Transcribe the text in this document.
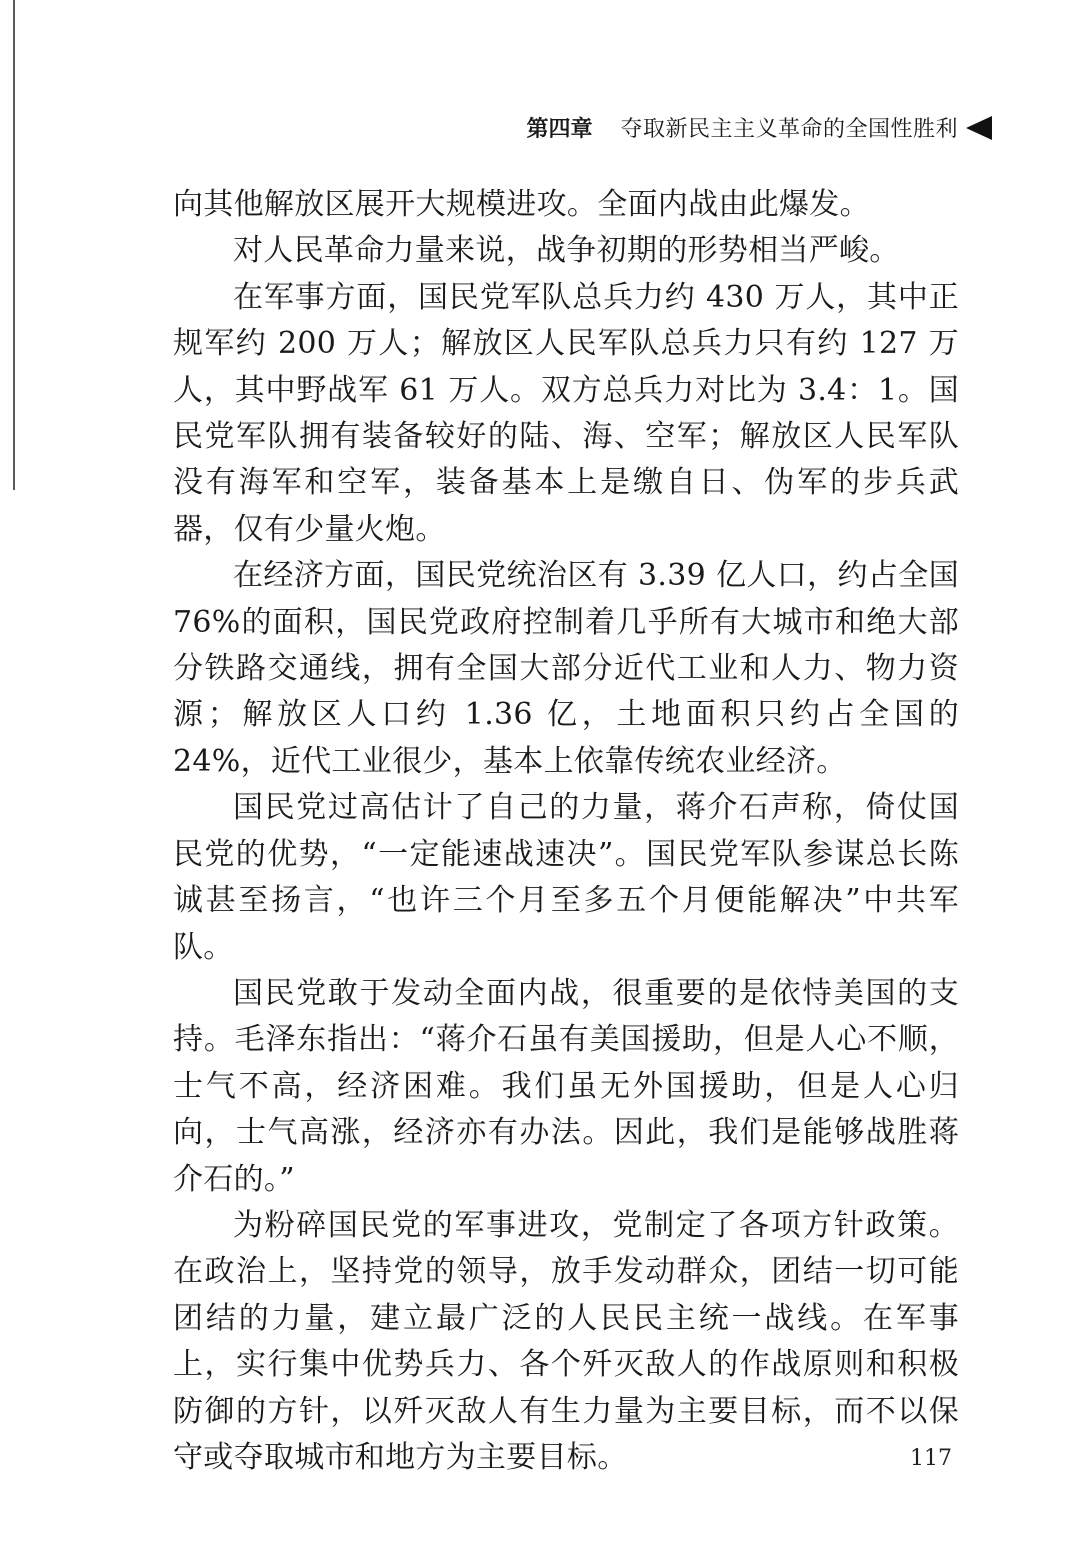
第四章 夺取新民主主义革命的全国性胜利

向其他解放区展开大规模进攻。全面内战由此爆发。

对人民革命力量来说，战争初期的形势相当严峻。

在军事方面，国民党军队总兵力约 430 万人，其中正规军约 200 万人；解放区人民军队总兵力只有约 127 万人，其中野战军 61 万人。双方总兵力对比为 3.4：1。国民党军队拥有装备较好的陆、海、空军；解放区人民军队没有海军和空军，装备基本上是缴自日、伪军的步兵武器，仅有少量火炮。

在经济方面，国民党统治区有 3.39 亿人口，约占全国 76%的面积，国民党政府控制着几乎所有大城市和绝大部分铁路交通线，拥有全国大部分近代工业和人力、物力资源；解放区人口约 1.36 亿，土地面积只约占全国的 24%，近代工业很少，基本上依靠传统农业经济。

国民党过高估计了自己的力量，蒋介石声称，倚仗国民党的优势，“一定能速战速决”。国民党军队参谋总长陈诚甚至扬言，“也许三个月至多五个月便能解决”中共军队。

国民党敢于发动全面内战，很重要的是依恃美国的支持。毛泽东指出：“蒋介石虽有美国援助，但是人心不顺，士气不高，经济困难。我们虽无外国援助，但是人心归向，士气高涨，经济亦有办法。因此，我们是能够战胜蒋介石的。”

为粉碎国民党的军事进攻，党制定了各项方针政策。在政治上，坚持党的领导，放手发动群众，团结一切可能团结的力量，建立最广泛的人民民主统一战线。在军事上，实行集中优势兵力、各个歼灭敌人的作战原则和积极防御的方针，以歼灭敌人有生力量为主要目标，而不以保守或夺取城市和地方为主要目标。	117
